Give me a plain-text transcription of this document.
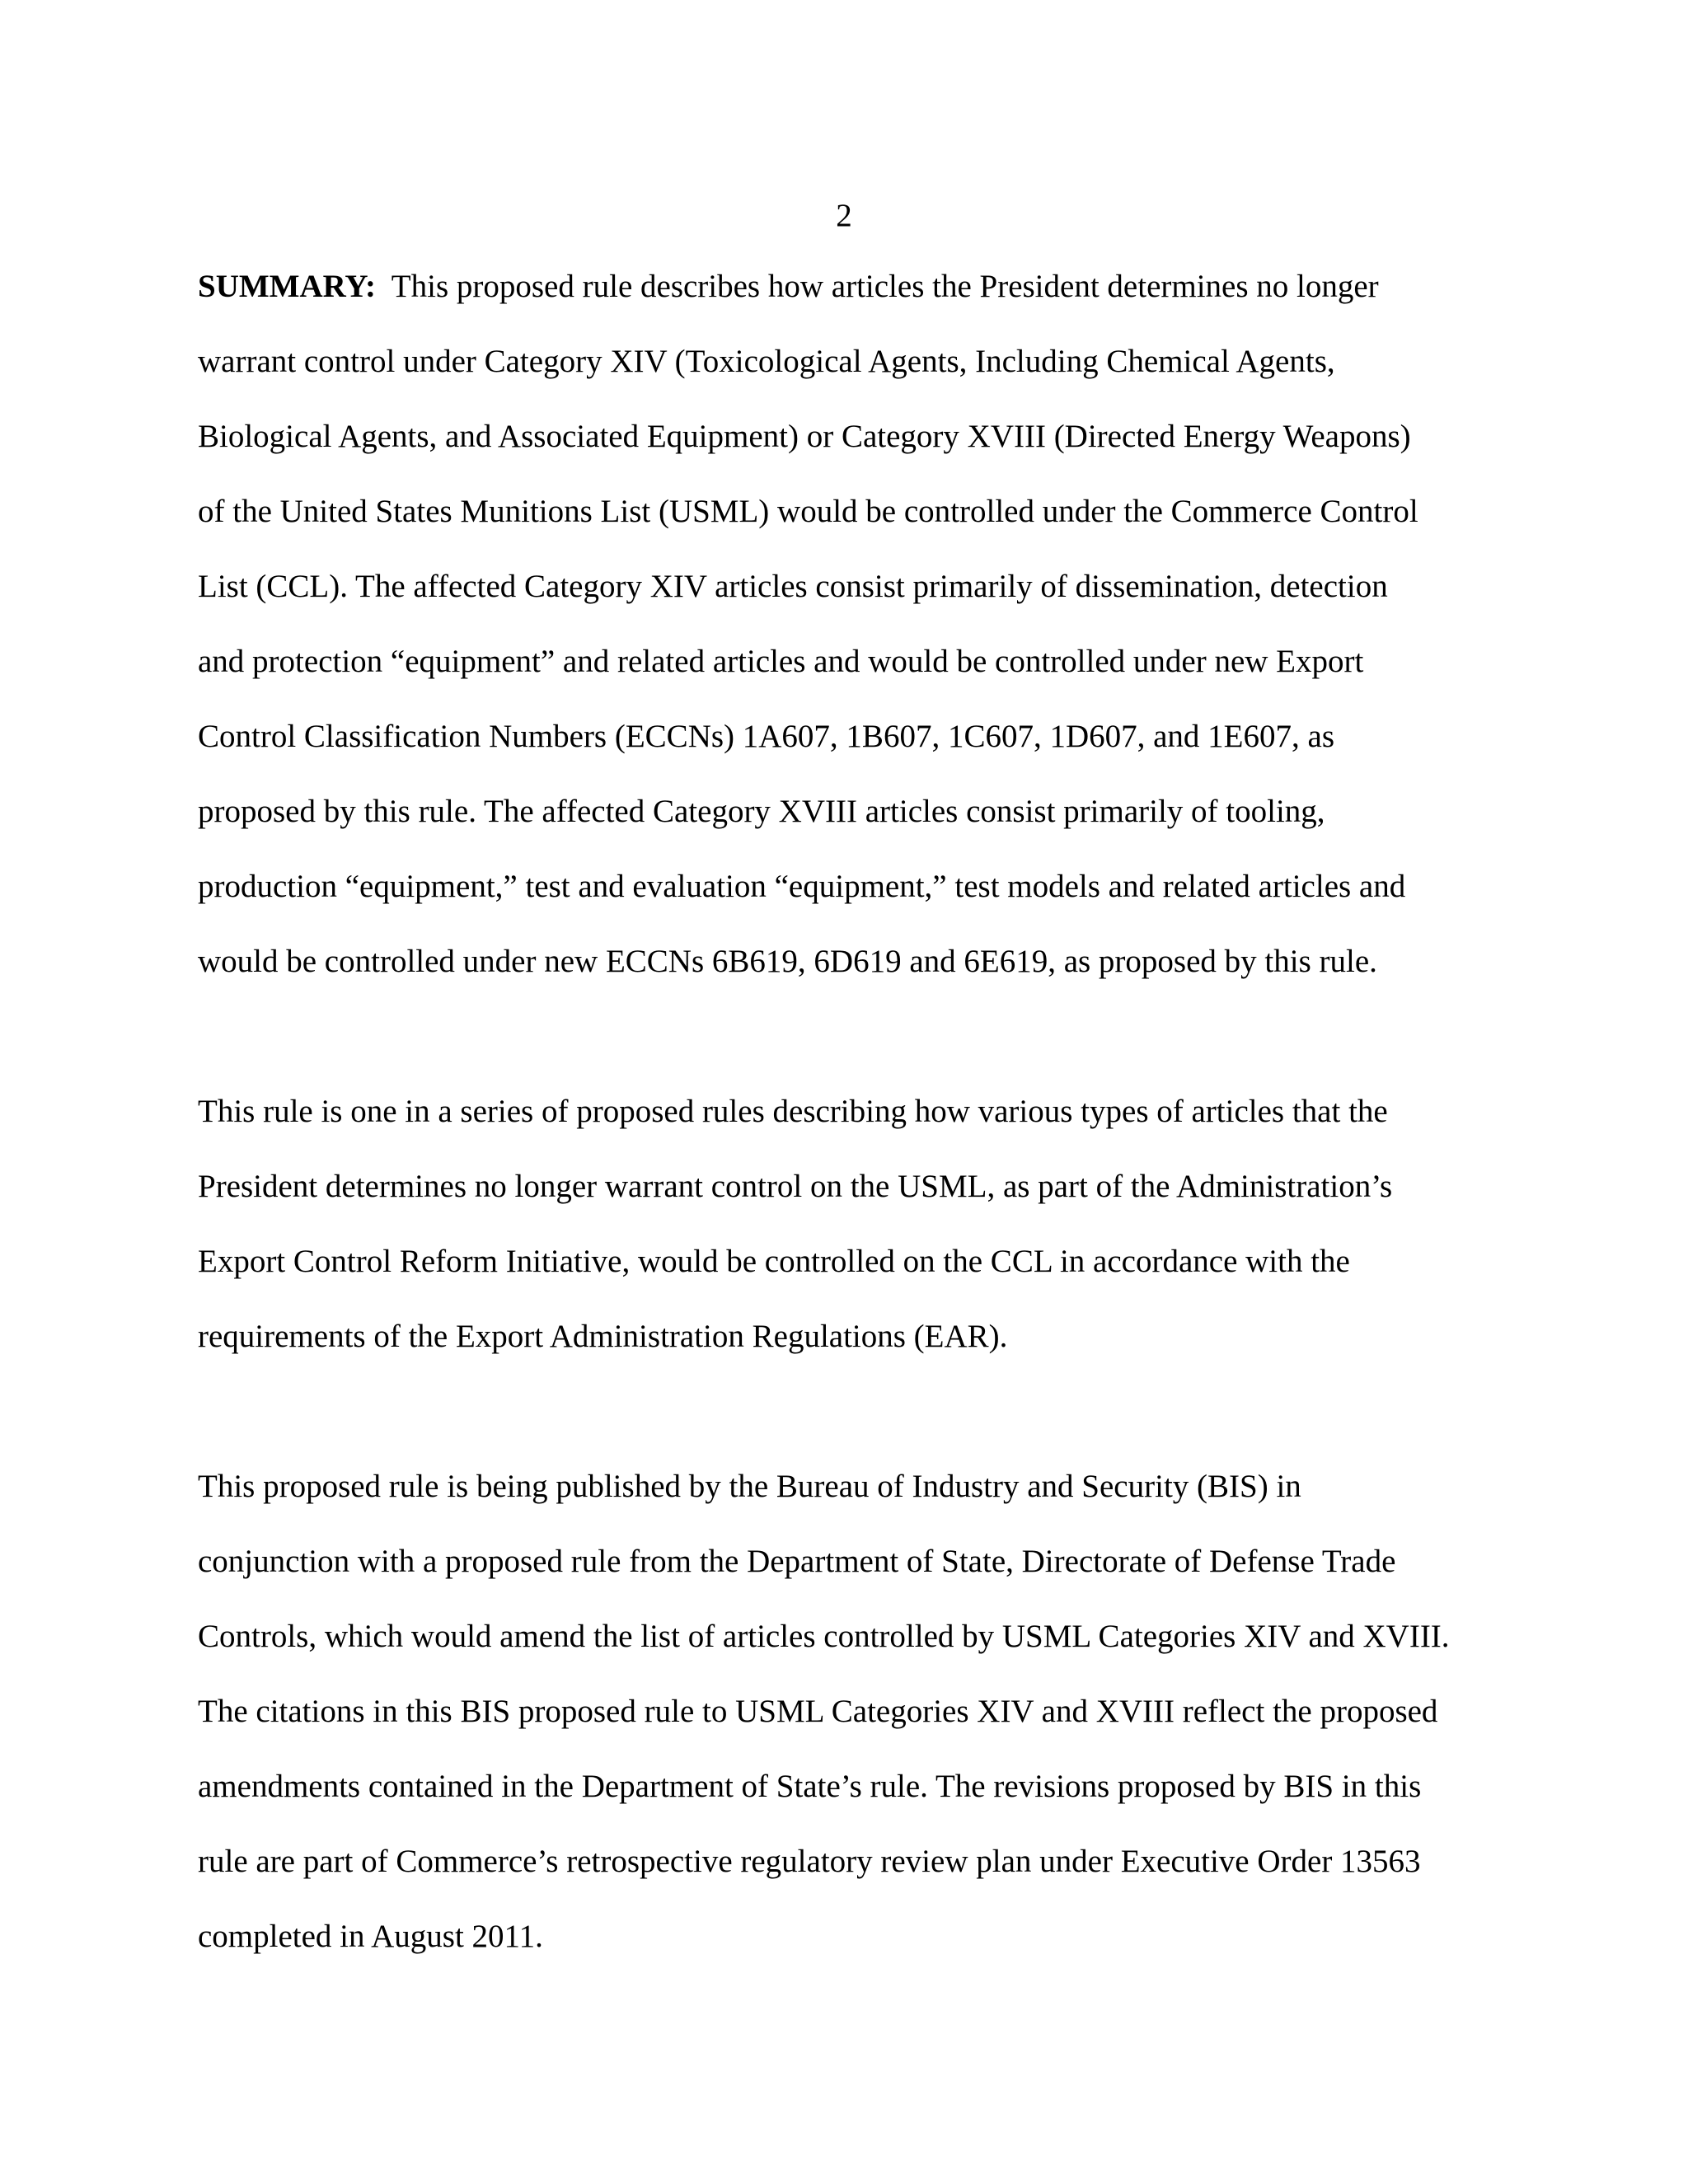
2
SUMMARY:  This proposed rule describes how articles the President determines no longer
warrant control under Category XIV (Toxicological Agents, Including Chemical Agents,
Biological Agents, and Associated Equipment) or Category XVIII (Directed Energy Weapons)
of the United States Munitions List (USML) would be controlled under the Commerce Control
List (CCL). The affected Category XIV articles consist primarily of dissemination, detection
and protection “equipment” and related articles and would be controlled under new Export
Control Classification Numbers (ECCNs) 1A607, 1B607, 1C607, 1D607, and 1E607, as
proposed by this rule. The affected Category XVIII articles consist primarily of tooling,
production “equipment,” test and evaluation “equipment,” test models and related articles and
would be controlled under new ECCNs 6B619, 6D619 and 6E619, as proposed by this rule.
This rule is one in a series of proposed rules describing how various types of articles that the
President determines no longer warrant control on the USML, as part of the Administration’s
Export Control Reform Initiative, would be controlled on the CCL in accordance with the
requirements of the Export Administration Regulations (EAR).
This proposed rule is being published by the Bureau of Industry and Security (BIS) in
conjunction with a proposed rule from the Department of State, Directorate of Defense Trade
Controls, which would amend the list of articles controlled by USML Categories XIV and XVIII.
The citations in this BIS proposed rule to USML Categories XIV and XVIII reflect the proposed
amendments contained in the Department of State’s rule. The revisions proposed by BIS in this
rule are part of Commerce’s retrospective regulatory review plan under Executive Order 13563
completed in August 2011.
